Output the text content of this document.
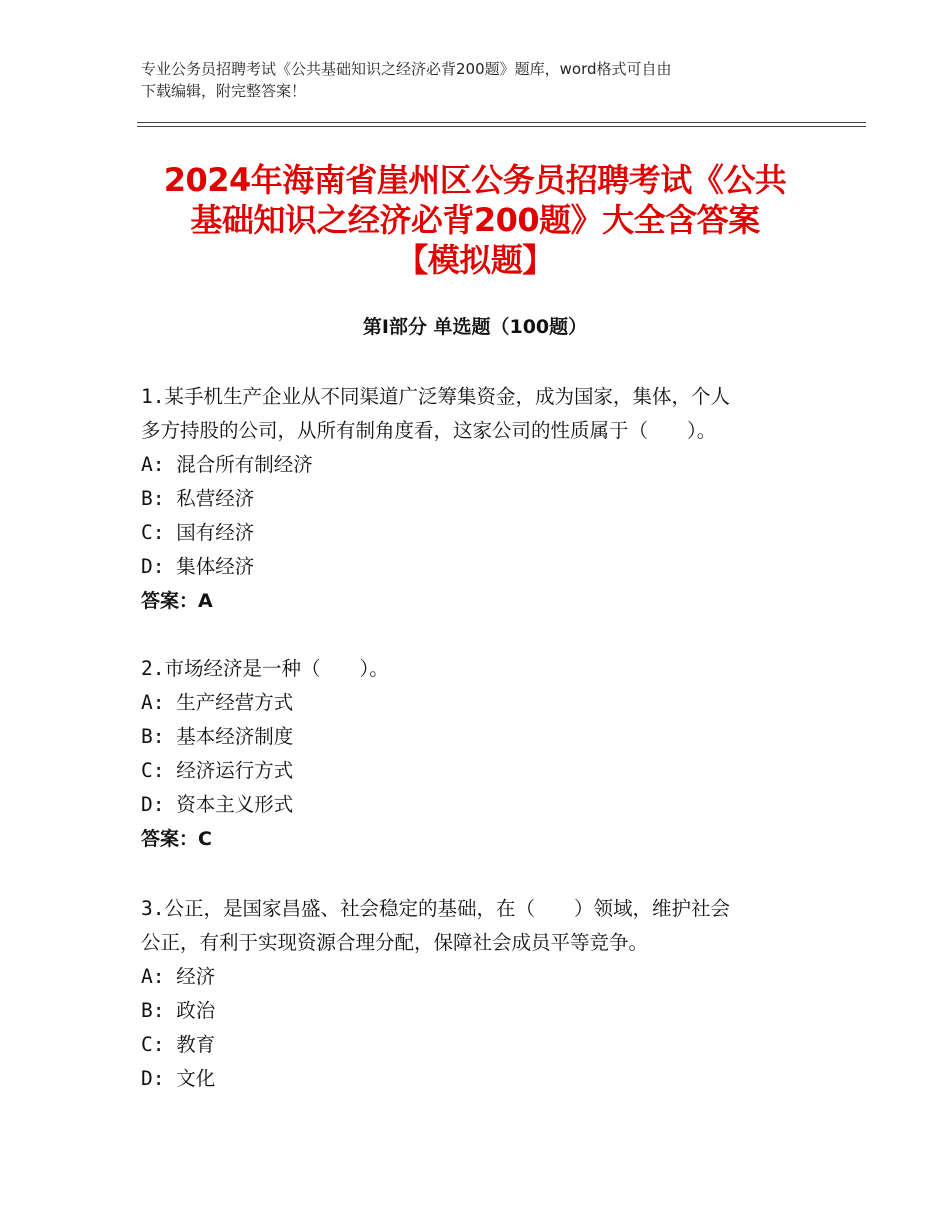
专业公务员招聘考试《公共基础知识之经济必背200题》题库，word格式可自由
下载编辑，附完整答案！
2024年海南省崖州区公务员招聘考试《公共
基础知识之经济必背200题》大全含答案
【模拟题】
第Ⅰ部分 单选题（100题）
1.某手机生产企业从不同渠道广泛筹集资金，成为国家，集体，个人
多方持股的公司，从所有制角度看，这家公司的性质属于（　　）。
A: 混合所有制经济
B: 私营经济
C: 国有经济
D: 集体经济
答案：A
2.市场经济是一种（　　）。
A: 生产经营方式
B: 基本经济制度
C: 经济运行方式
D: 资本主义形式
答案：C
3.公正，是国家昌盛、社会稳定的基础，在（　　）领域，维护社会
公正，有利于实现资源合理分配，保障社会成员平等竞争。
A: 经济
B: 政治
C: 教育
D: 文化
